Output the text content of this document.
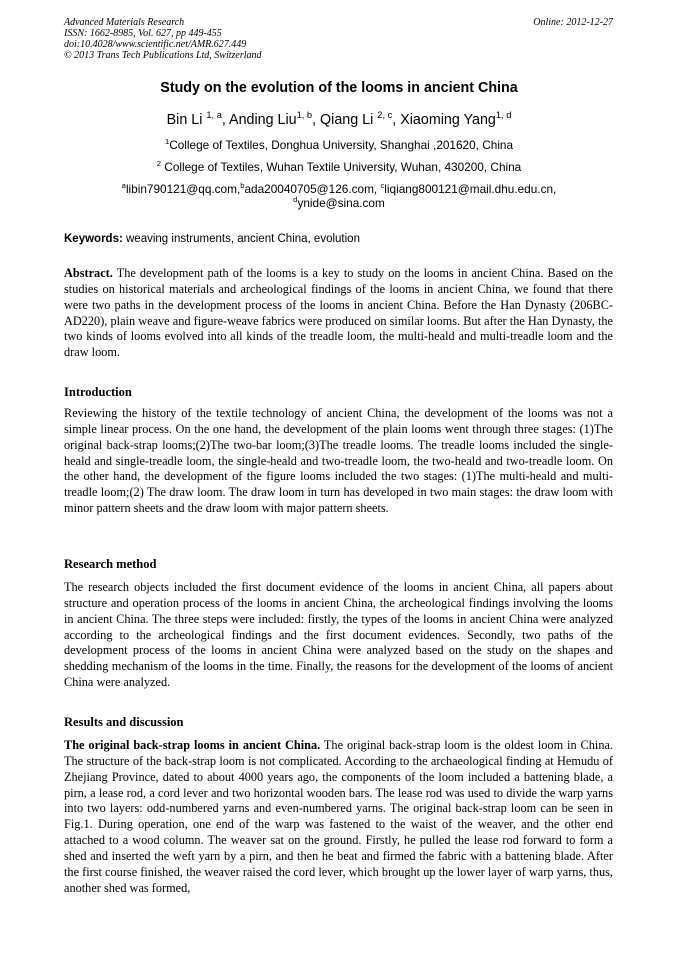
Advanced Materials Research
ISSN: 1662-8985, Vol. 627, pp 449-455
doi:10.4028/www.scientific.net/AMR.627.449
© 2013 Trans Tech Publications Ltd, Switzerland
Online: 2012-12-27
Study on the evolution of the looms in ancient China
Bin Li $^{1, a}$, Anding Liu$^{1, b}$, Qiang Li $^{2, c}$, Xiaoming Yang$^{1, d}$
$^1$College of Textiles, Donghua University, Shanghai ,201620, China
$^2$ College of Textiles, Wuhan Textile University, Wuhan, 430200, China
$^a$libin790121@qq.com,$^b$ada20040705@126.com, $^c$liqiang800121@mail.dhu.edu.cn,
$^d$ynide@sina.com
Keywords: weaving instruments, ancient China, evolution

Abstract. The development path of the looms is a key to study on the looms in ancient China. Based on the studies on historical materials and archeological findings of the looms in ancient China, we found that there were two paths in the development process of the looms in ancient China. Before the Han Dynasty (206BC-AD220), plain weave and figure-weave fabrics were produced on similar looms. But after the Han Dynasty, the two kinds of looms evolved into all kinds of the treadle loom, the multi-heald and multi-treadle loom and the draw loom.

Introduction

Reviewing the history of the textile technology of ancient China, the development of the looms was not a simple linear process. On the one hand, the development of the plain looms went through three stages: (1)The original back-strap looms;(2)The two-bar loom;(3)The treadle looms. The treadle looms included the single-heald and single-treadle loom, the single-heald and two-treadle loom, the two-heald and two-treadle loom. On the other hand, the development of the figure looms included the two stages: (1)The multi-heald and multi-treadle loom;(2) The draw loom. The draw loom in turn has developed in two main stages: the draw loom with minor pattern sheets and the draw loom with major pattern sheets.

Research method

The research objects included the first document evidence of the looms in ancient China, all papers about structure and operation process of the looms in ancient China, the archeological findings involving the looms in ancient China. The three steps were included: firstly, the types of the looms in ancient China were analyzed according to the archeological findings and the first document evidences. Secondly, two paths of the development process of the looms in ancient China were analyzed based on the study on the shapes and shedding mechanism of the looms in the time. Finally, the reasons for the development of the looms of ancient China were analyzed.

Results and discussion

The original back-strap looms in ancient China. The original back-strap loom is the oldest loom in China. The structure of the back-strap loom is not complicated. According to the archaeological finding at Hemudu of Zhejiang Province, dated to about 4000 years ago, the components of the loom included a battening blade, a pirn, a lease rod, a cord lever and two horizontal wooden bars. The lease rod was used to divide the warp yarns into two layers: odd-numbered yarns and even-numbered yarns. The original back-strap loom can be seen in Fig.1. During operation, one end of the warp was fastened to the waist of the weaver, and the other end attached to a wood column. The weaver sat on the ground. Firstly, he pulled the lease rod forward to form a shed and inserted the weft yarn by a pirn, and then he beat and firmed the fabric with a battening blade. After the first course finished, the weaver raised the cord lever, which brought up the lower layer of warp yarns, thus, another shed was formed,
